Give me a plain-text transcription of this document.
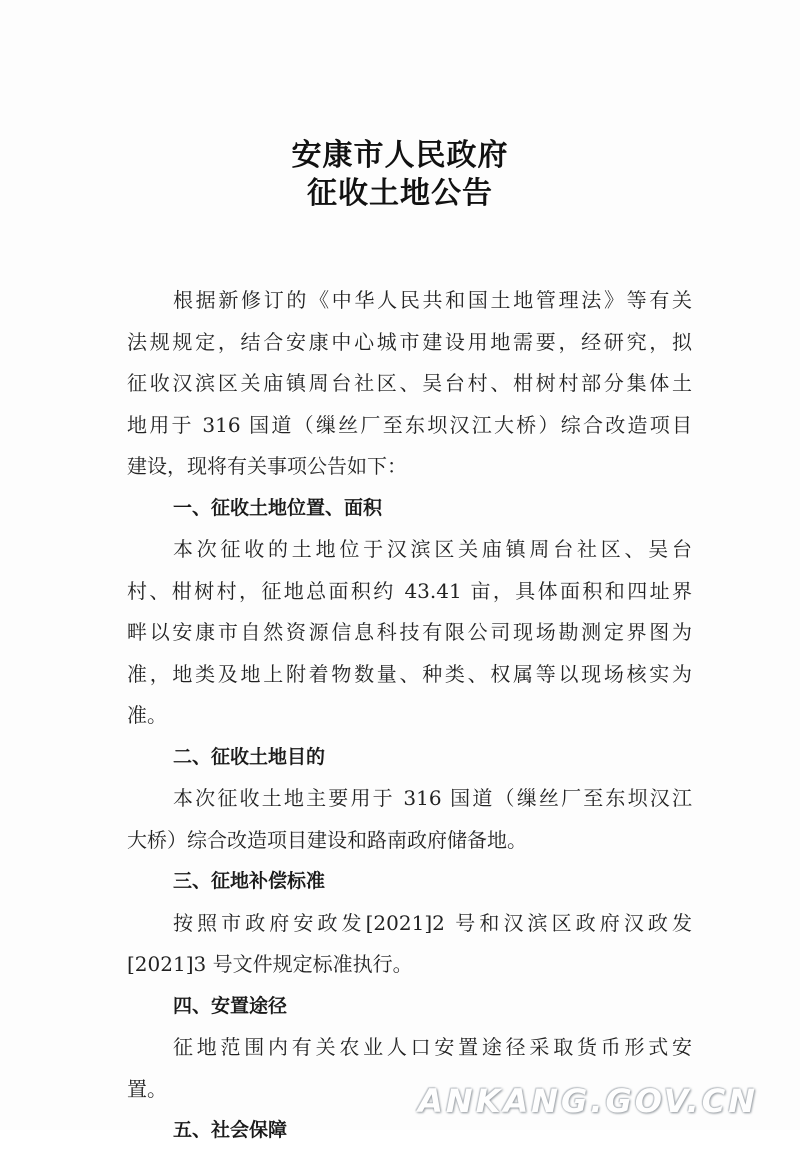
安康市人民政府
征收土地公告
根据新修订的《中华人民共和国土地管理法》等有关
法规规定，结合安康中心城市建设用地需要，经研究，拟
征收汉滨区关庙镇周台社区、吴台村、柑树村部分集体土
地用于 316 国道（缫丝厂至东坝汉江大桥）综合改造项目
建设，现将有关事项公告如下：
一、征收土地位置、面积
本次征收的土地位于汉滨区关庙镇周台社区、吴台
村、柑树村，征地总面积约 43.41 亩，具体面积和四址界
畔以安康市自然资源信息科技有限公司现场勘测定界图为
准，地类及地上附着物数量、种类、权属等以现场核实为
准。
二、征收土地目的
本次征收土地主要用于 316 国道（缫丝厂至东坝汉江
大桥）综合改造项目建设和路南政府储备地。
三、征地补偿标准
按照市政府安政发[2021]2 号和汉滨区政府汉政发
[2021]3 号文件规定标准执行。
四、安置途径
征地范围内有关农业人口安置途径采取货币形式安
置。
五、社会保障
ANKANG.GOV.CN
